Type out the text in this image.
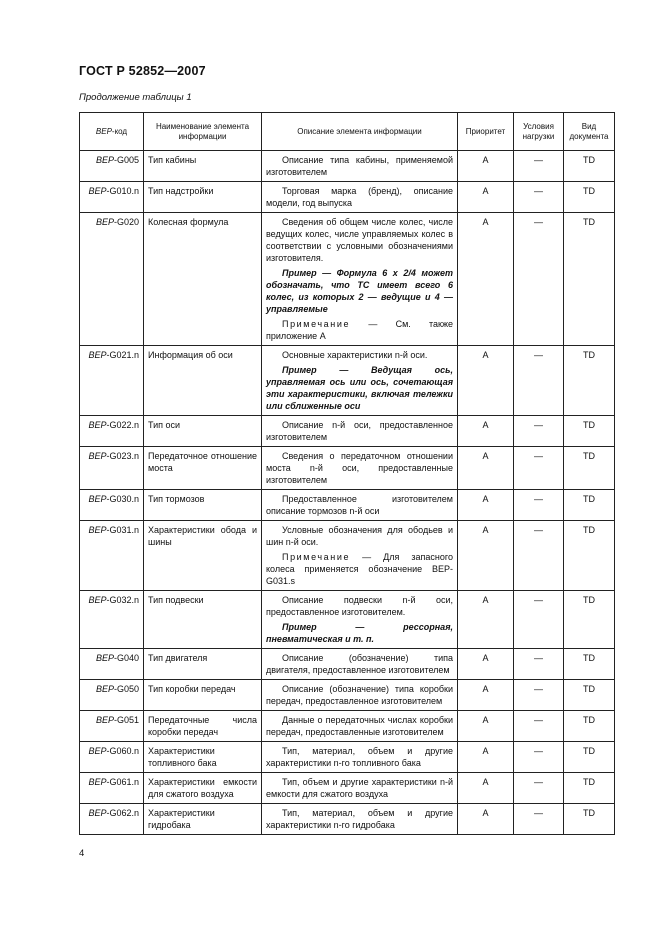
ГОСТ Р 52852—2007
Продолжение таблицы 1
BEP-код	Наименование элемента информации	Описание элемента информации	Приоритет	Условия нагрузки	Вид документа
BEP-G005	Тип кабины	Описание типа кабины, применяемой изготовителем	A	—	TD
BEP-G010.n	Тип надстройки	Торговая марка (бренд), описание модели, год выпуска	A	—	TD
BEP-G020	Колесная формула	Сведения об общем числе колес, числе ведущих колес, числе управляемых колес в соответствии с условными обозначениями изготовителя.

Пример — Формула 6 x 2/4 может обозначать, что ТС имеет всего 6 колес, из которых 2 — ведущие и 4 — управляемые

Примечание — См. также приложение А	A	—	TD
BEP-G021.n	Информация об оси	Основные характеристики n-й оси.

Пример — Ведущая ось, управляемая ось или ось, сочетающая эти характеристики, включая тележки или сближенные оси	A	—	TD
BEP-G022.n	Тип оси	Описание n-й оси, предоставленное изготовителем	A	—	TD
BEP-G023.n	Передаточное отношение моста	Сведения о передаточном отношении моста n-й оси, предоставленные изготовителем	A	—	TD
BEP-G030.n	Тип тормозов	Предоставленное изготовителем описание тормозов n-й оси	A	—	TD
BEP-G031.n	Характеристики обода и шины	Условные обозначения для ободьев и шин n-й оси.

Примечание — Для запасного колеса применяется обозначение BEP-G031.s	A	—	TD
BEP-G032.n	Тип подвески	Описание подвески n-й оси, предоставленное изготовителем.

Пример — рессорная, пневматическая и т. п.	A	—	TD
BEP-G040	Тип двигателя	Описание (обозначение) типа двигателя, предоставленное изготовителем	A	—	TD
BEP-G050	Тип коробки передач	Описание (обозначение) типа коробки передач, предоставленное изготовителем	A	—	TD
BEP-G051	Передаточные числа коробки передач	Данные о передаточных числах коробки передач, предоставленные изготовителем	A	—	TD
BEP-G060.n	Характеристики топливного бака	Тип, материал, объем и другие характеристики n-го топливного бака	A	—	TD
BEP-G061.n	Характеристики емкости для сжатого воздуха	Тип, объем и другие характеристики n-й емкости для сжатого воздуха	A	—	TD
BEP-G062.n	Характеристики гидробака	Тип, материал, объем и другие характеристики n-го гидробака	A	—	TD
4
